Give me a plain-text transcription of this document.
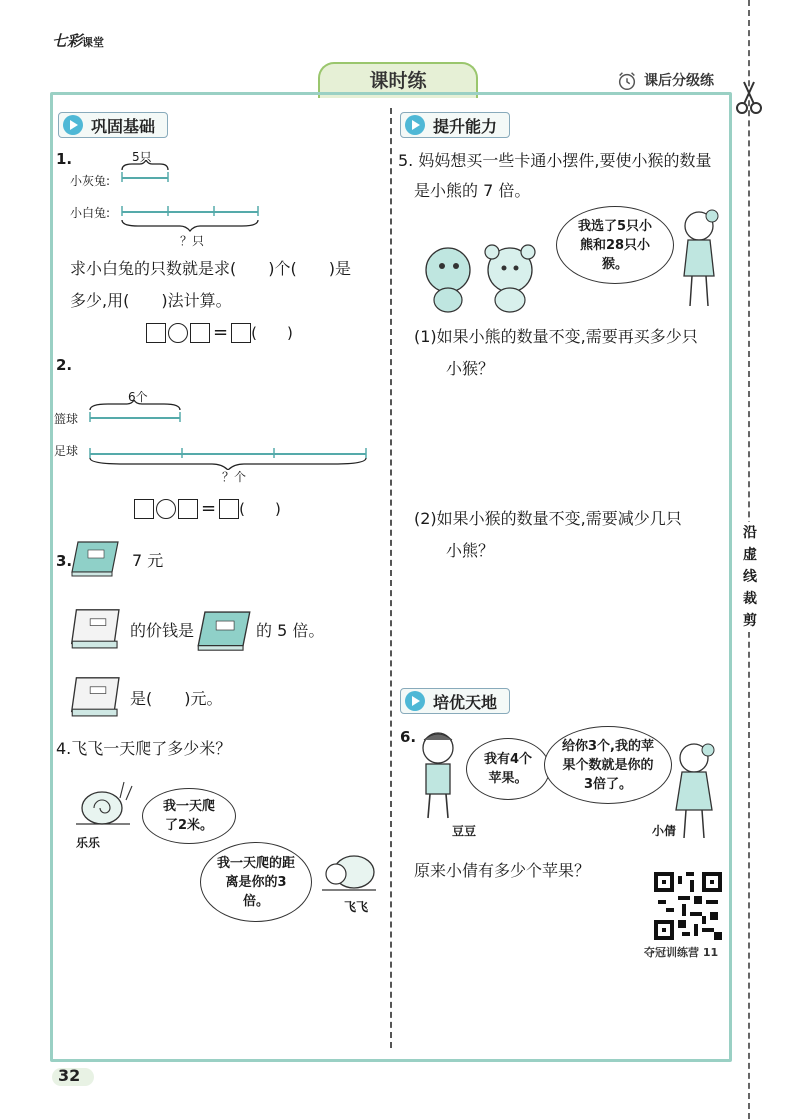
七彩课堂
课时练	课后分级练
沿
虚
线
裁
剪
巩固基础
1.	5只
小灰兔:
小白兔:
？只
求小白兔的只数就是求(　　)个(　　)是
多少,用(　　)法计算。
= (　　)
2.
6个
篮球
足球
？个
= (　　)
3.	7 元
的价钱是	的 5 倍。
是(　　)元。
4.飞飞一天爬了多少米？
乐乐
我一天爬了2米。
我一天爬的距离是你的3倍。	飞飞
提升能力
5. 妈妈想买一些卡通小摆件,要使小猴的数量
是小熊的 7 倍。
我选了5只小熊和28只小猴。
(1)如果小熊的数量不变,需要再买多少只
小猴？
(2)如果小猴的数量不变,需要减少几只
小熊？
培优天地
6.
豆豆
我有4个苹果。
给你3个,我的苹果个数就是你的3倍了。
小倩
原来小倩有多少个苹果？
夺冠训练营 11
32
